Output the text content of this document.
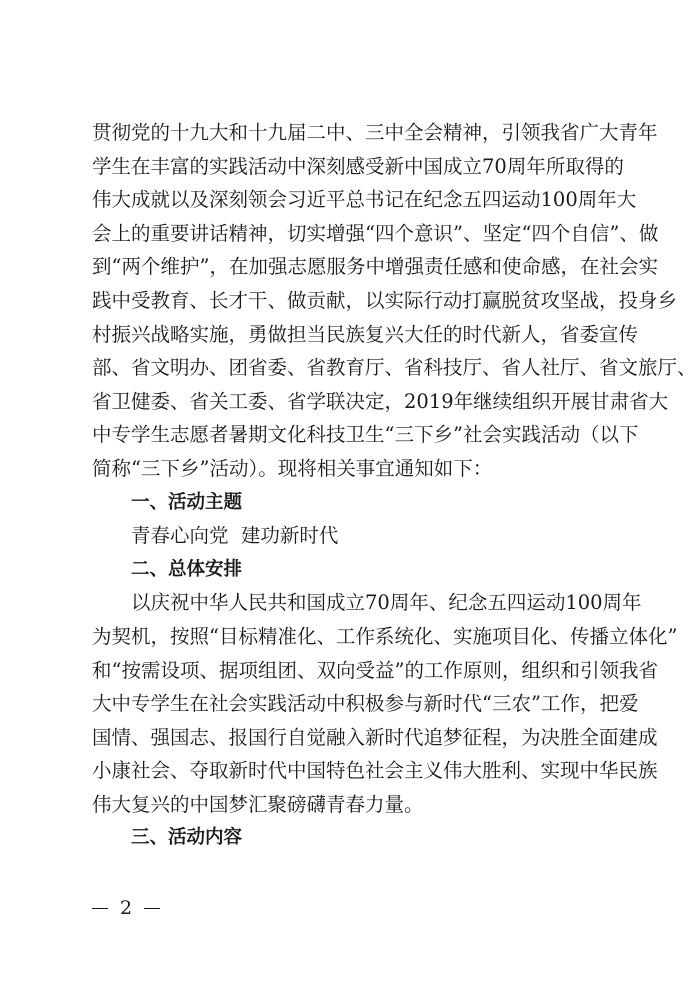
贯彻党的十九大和十九届二中、三中全会精神，引领我省广大青年
学生在丰富的实践活动中深刻感受新中国成立70周年所取得的
伟大成就以及深刻领会习近平总书记在纪念五四运动100周年大
会上的重要讲话精神，切实增强“四个意识”、坚定“四个自信”、做
到“两个维护”，在加强志愿服务中增强责任感和使命感，在社会实
践中受教育、长才干、做贡献，以实际行动打赢脱贫攻坚战，投身乡
村振兴战略实施，勇做担当民族复兴大任的时代新人，省委宣传
部、省文明办、团省委、省教育厅、省科技厅、省人社厅、省文旅厅、
省卫健委、省关工委、省学联决定，2019年继续组织开展甘肃省大
中专学生志愿者暑期文化科技卫生“三下乡”社会实践活动（以下
简称“三下乡”活动）。现将相关事宜通知如下：
一、活动主题
青春心向党  建功新时代
二、总体安排
以庆祝中华人民共和国成立70周年、纪念五四运动100周年
为契机，按照“目标精准化、工作系统化、实施项目化、传播立体化”
和“按需设项、据项组团、双向受益”的工作原则，组织和引领我省
大中专学生在社会实践活动中积极参与新时代“三农”工作，把爱
国情、强国志、报国行自觉融入新时代追梦征程，为决胜全面建成
小康社会、夺取新时代中国特色社会主义伟大胜利、实现中华民族
伟大复兴的中国梦汇聚磅礴青春力量。
三、活动内容
2
